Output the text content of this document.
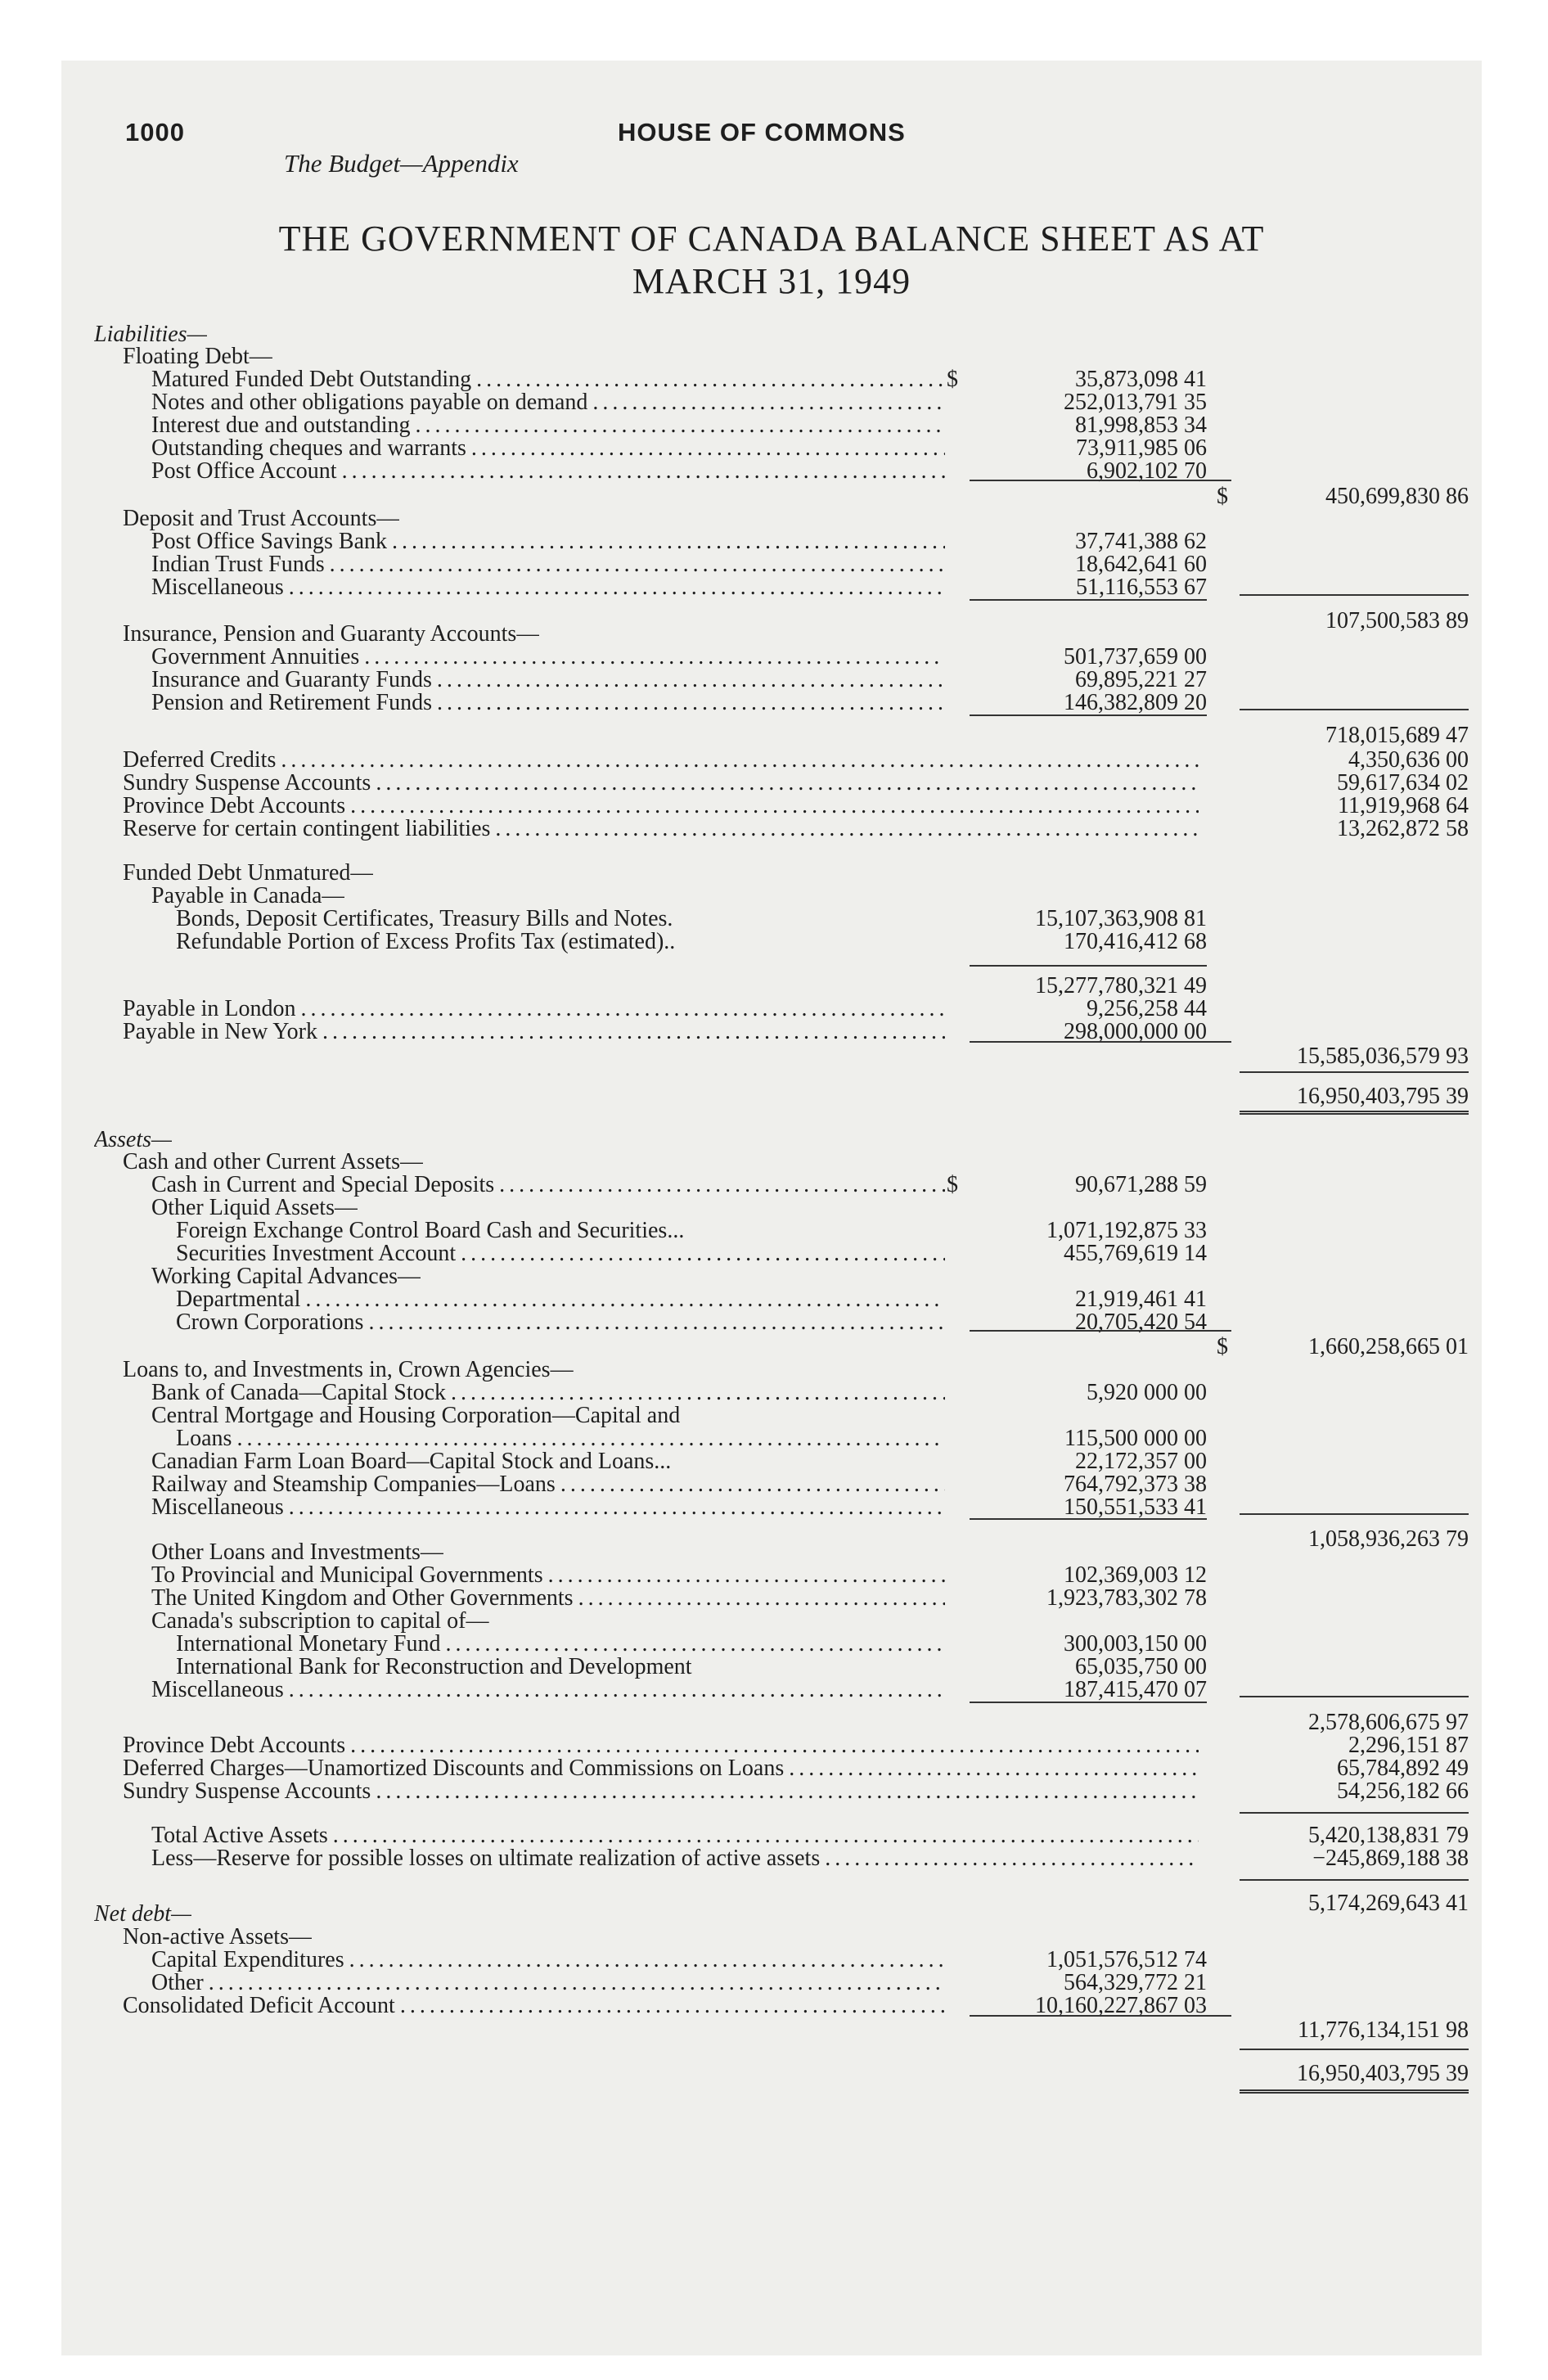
1000	HOUSE OF COMMONS
The Budget—Appendix
THE GOVERNMENT OF CANADA BALANCE SHEET AS AT
MARCH 31, 1949
Liabilities—
Floating Debt—
Matured Funded Debt Outstanding . . .	$	35,873,098 41
Notes and other obligations payable on demand . . .	252,013,791 35
Interest due and outstanding . . .	81,998,853 34
Outstanding cheques and warrants . . .	73,911,985 06
Post Office Account . . .	6,902,102 70
$	450,699,830 86
Deposit and Trust Accounts—
Post Office Savings Bank . . .	37,741,388 62
Indian Trust Funds . . .	18,642,641 60
Miscellaneous . . .	51,116,553 67
107,500,583 89
Insurance, Pension and Guaranty Accounts—
Government Annuities . . .	501,737,659 00
Insurance and Guaranty Funds . . .	69,895,221 27
Pension and Retirement Funds . . .	146,382,809 20
718,015,689 47
Deferred Credits . . .	4,350,636 00
Sundry Suspense Accounts . . .	59,617,634 02
Province Debt Accounts . . .	11,919,968 64
Reserve for certain contingent liabilities . . .	13,262,872 58
Funded Debt Unmatured—
Payable in Canada—
Bonds, Deposit Certificates, Treasury Bills and Notes.	15,107,363,908 81
Refundable Portion of Excess Profits Tax (estimated)..	170,416,412 68
15,277,780,321 49
Payable in London . . .	9,256,258 44
Payable in New York . . .	298,000,000 00
15,585,036,579 93
16,950,403,795 39
Assets—
Cash and other Current Assets—
Cash in Current and Special Deposits . . .	$	90,671,288 59
Other Liquid Assets—
Foreign Exchange Control Board Cash and Securities...	1,071,192,875 33
Securities Investment Account . . .	455,769,619 14
Working Capital Advances—
Departmental . . .	21,919,461 41
Crown Corporations . . .	20,705,420 54
$	1,660,258,665 01
Loans to, and Investments in, Crown Agencies—
Bank of Canada—Capital Stock . . .	5,920 000 00
Central Mortgage and Housing Corporation—Capital and
Loans . . .	115,500 000 00
Canadian Farm Loan Board—Capital Stock and Loans...	22,172,357 00
Railway and Steamship Companies—Loans . . .	764,792,373 38
Miscellaneous . . .	150,551,533 41
1,058,936,263 79
Other Loans and Investments—
To Provincial and Municipal Governments . . .	102,369,003 12
The United Kingdom and Other Governments . . .	1,923,783,302 78
Canada's subscription to capital of—
International Monetary Fund . . .	300,003,150 00
International Bank for Reconstruction and Development	65,035,750 00
Miscellaneous . . .	187,415,470 07
2,578,606,675 97
Province Debt Accounts . . .	2,296,151 87
Deferred Charges—Unamortized Discounts and Commissions on Loans . . .	65,784,892 49
Sundry Suspense Accounts . . .	54,256,182 66
Total Active Assets . . .	5,420,138,831 79
Less—Reserve for possible losses on ultimate realization of active assets . . .	−245,869,188 38
5,174,269,643 41
Net debt—
Non-active Assets—
Capital Expenditures . . .	1,051,576,512 74
Other . . .	564,329,772 21
Consolidated Deficit Account . . .	10,160,227,867 03
11,776,134,151 98
16,950,403,795 39
